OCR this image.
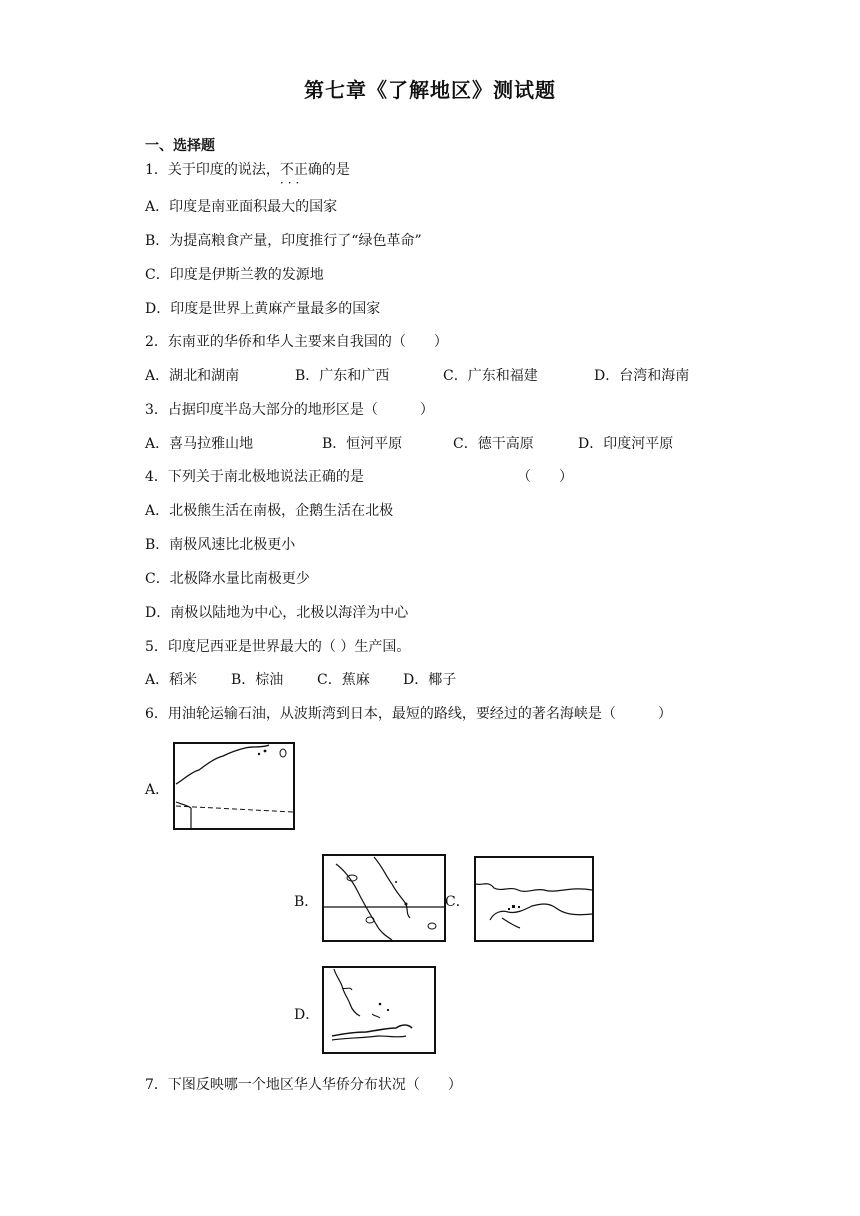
第七章《了解地区》测试题
一、选择题
1．关于印度的说法，不正确 ···的是
A．印度是南亚面积最大的国家
B．为提高粮食产量，印度推行了“绿色革命”
C．印度是伊斯兰教的发源地
D．印度是世界上黄麻产量最多的国家
2．东南亚的华侨和华人主要来自我国的（　　）
A．湖北和湖南	B．广东和广西	C．广东和福建	D．台湾和海南
3．占据印度半岛大部分的地形区是（　　　）
A．喜马拉雅山地	B．恒河平原	C．德干高原	D．印度河平原
4．下列关于南北极地说法正确的是	（　　）
A．北极熊生活在南极，企鹅生活在北极
B．南极风速比北极更小
C．北极降水量比南极更少
D．南极以陆地为中心，北极以海洋为中心
5．印度尼西亚是世界最大的（ ）生产国。
A．稻米 B．棕油 C．蕉麻 D．椰子
6．用油轮运输石油，从波斯湾到日本，最短的路线，要经过的著名海峡是（　　　）
A．
B．	C．
D．
7．下图反映哪一个地区华人华侨分布状况（　　）
